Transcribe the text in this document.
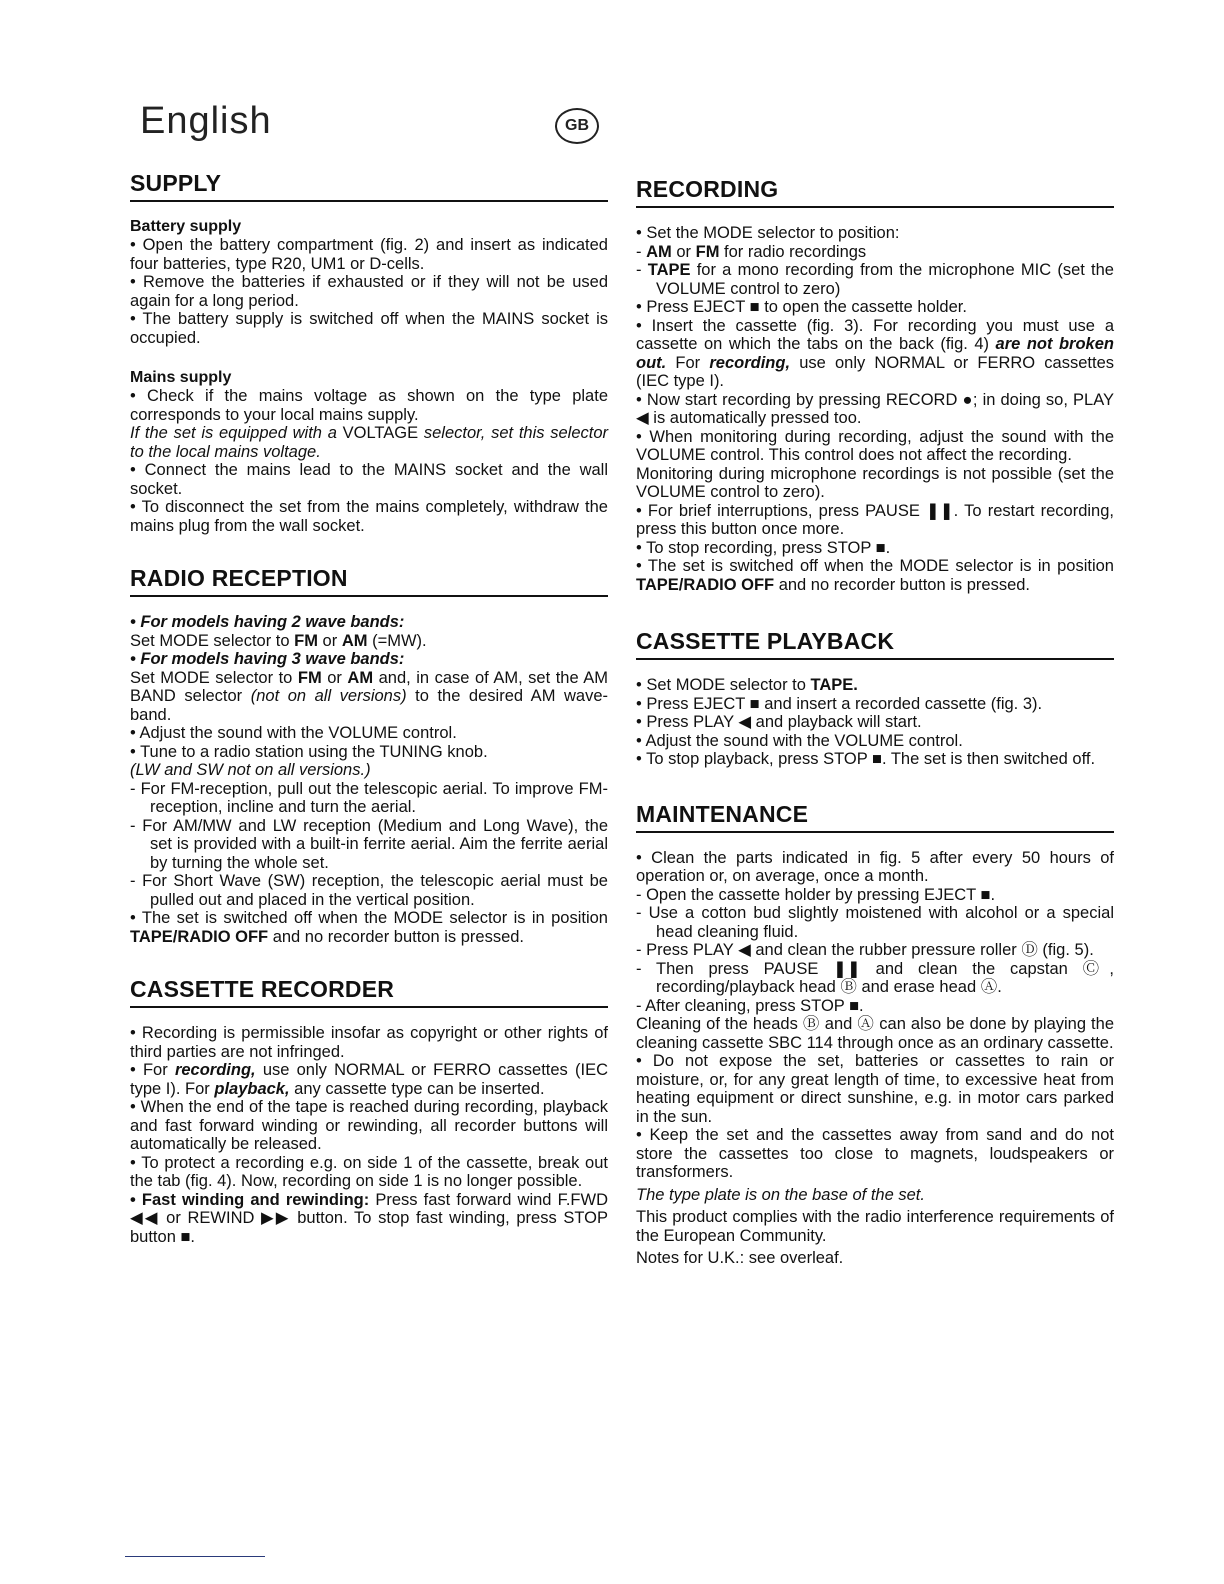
English	GB
SUPPLY
Battery supply

• Open the battery compartment (fig. 2) and insert as indicated four batteries, type R20, UM1 or D-cells.

• Remove the batteries if exhausted or if they will not be used again for a long period.

• The battery supply is switched off when the MAINS socket is occupied.

Mains supply

• Check if the mains voltage as shown on the type plate corresponds to your local mains supply.

If the set is equipped with a VOLTAGE selector, set this selector to the local mains voltage.

• Connect the mains lead to the MAINS socket and the wall socket.

• To disconnect the set from the mains completely, withdraw the mains plug from the wall socket.

RADIO RECEPTION

• For models having 2 wave bands:

Set MODE selector to FM or AM (=MW).

• For models having 3 wave bands:

Set MODE selector to FM or AM and, in case of AM, set the AM BAND selector (not on all versions) to the desired AM wave-band.

• Adjust the sound with the VOLUME control.

• Tune to a radio station using the TUNING knob.

(LW and SW not on all versions.)

- For FM-reception, pull out the telescopic aerial. To improve FM-reception, incline and turn the aerial.

- For AM/MW and LW reception (Medium and Long Wave), the set is provided with a built-in ferrite aerial. Aim the ferrite aerial by turning the whole set.

- For Short Wave (SW) reception, the telescopic aerial must be pulled out and placed in the vertical position.

• The set is switched off when the MODE selector is in position TAPE/RADIO OFF and no recorder button is pressed.

CASSETTE RECORDER

• Recording is permissible insofar as copyright or other rights of third parties are not infringed.

• For recording, use only NORMAL or FERRO cassettes (IEC type I). For playback, any cassette type can be inserted.

• When the end of the tape is reached during recording, playback and fast forward winding or rewinding, all recorder buttons will automatically be released.

• To protect a recording e.g. on side 1 of the cassette, break out the tab (fig. 4). Now, recording on side 1 is no longer possible.

• Fast winding and rewinding: Press fast forward wind F.FWD ◀◀ or REWIND ▶▶ button. To stop fast winding, press STOP button ■.

RECORDING

• Set the MODE selector to position:

- AM or FM for radio recordings

- TAPE for a mono recording from the microphone MIC (set the VOLUME control to zero)

• Press EJECT ■ to open the cassette holder.

• Insert the cassette (fig. 3). For recording you must use a cassette on which the tabs on the back (fig. 4) are not broken out. For recording, use only NORMAL or FERRO cassettes (IEC type I).

• Now start recording by pressing RECORD ●; in doing so, PLAY ◀ is automatically pressed too.

• When monitoring during recording, adjust the sound with the VOLUME control. This control does not affect the recording.

Monitoring during microphone recordings is not possible (set the VOLUME control to zero).

• For brief interruptions, press PAUSE ❚❚. To restart recording, press this button once more.

• To stop recording, press STOP ■.

• The set is switched off when the MODE selector is in position TAPE/RADIO OFF and no recorder button is pressed.

CASSETTE PLAYBACK

• Set MODE selector to TAPE.

• Press EJECT ■ and insert a recorded cassette (fig. 3).

• Press PLAY ◀ and playback will start.

• Adjust the sound with the VOLUME control.

• To stop playback, press STOP ■. The set is then switched off.

MAINTENANCE

• Clean the parts indicated in fig. 5 after every 50 hours of operation or, on average, once a month.

- Open the cassette holder by pressing EJECT ■.

- Use a cotton bud slightly moistened with alcohol or a special head cleaning fluid.

- Press PLAY ◀ and clean the rubber pressure roller Ⓓ (fig. 5).

- Then press PAUSE ❚❚ and clean the capstan Ⓒ, recording/playback head Ⓑ and erase head Ⓐ.

- After cleaning, press STOP ■.

Cleaning of the heads Ⓑ and Ⓐ can also be done by playing the cleaning cassette SBC 114 through once as an ordinary cassette.

• Do not expose the set, batteries or cassettes to rain or moisture, or, for any great length of time, to excessive heat from heating equipment or direct sunshine, e.g. in motor cars parked in the sun.

• Keep the set and the cassettes away from sand and do not store the cassettes too close to magnets, loudspeakers or transformers.

The type plate is on the base of the set.

This product complies with the radio interference requirements of the European Community.

Notes for U.K.: see overleaf.
